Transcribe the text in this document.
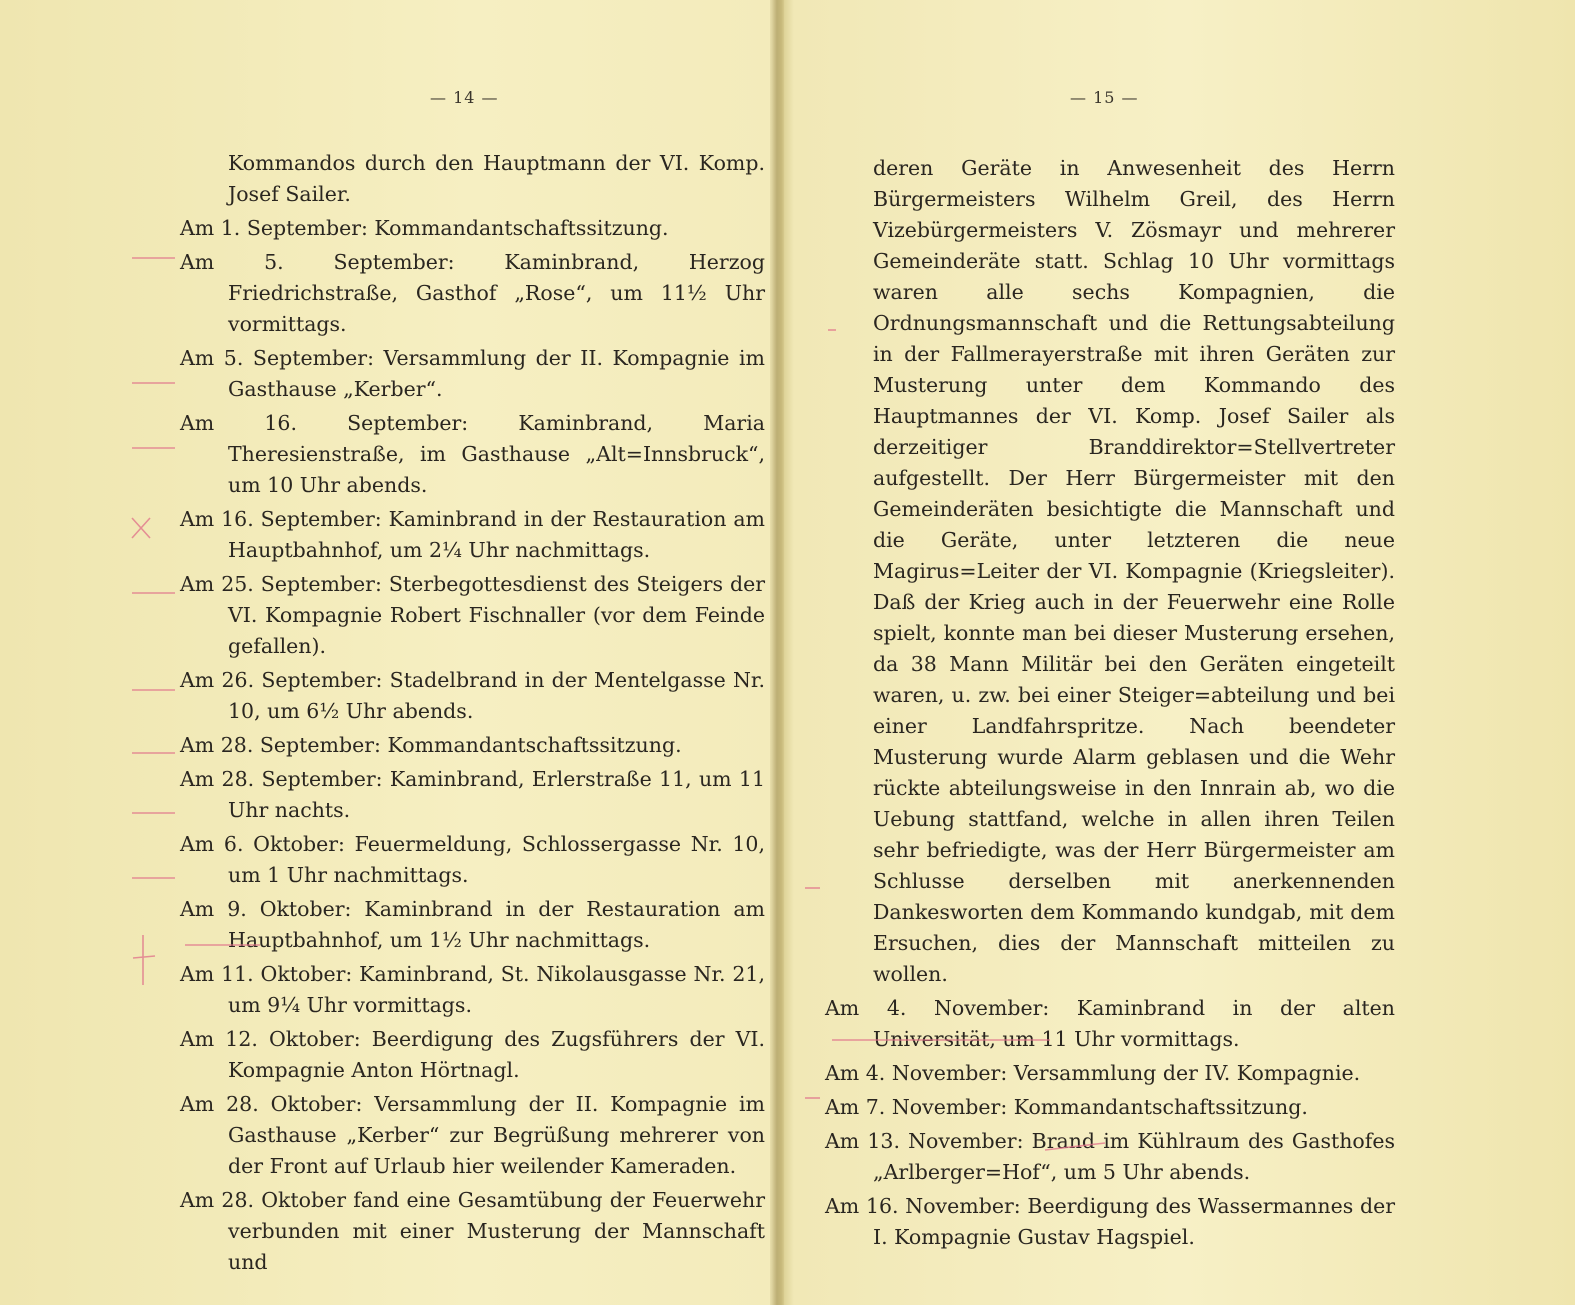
— 14 —

Kommandos durch den Hauptmann der VI. Komp. Josef Sailer.

Am 1. September: Kommandantschaftssitzung.

Am 5. September: Kaminbrand, Herzog Friedrichstraße, Gasthof „Rose“, um 11½ Uhr vormittags.

Am 5. September: Versammlung der II. Kompagnie im Gasthause „Kerber“.

Am 16. September: Kaminbrand, Maria Theresienstraße, im Gasthause „Alt=Innsbruck“, um 10 Uhr abends.

Am 16. September: Kaminbrand in der Restauration am Hauptbahnhof, um 2¼ Uhr nachmittags.

Am 25. September: Sterbegottesdienst des Steigers der VI. Kompagnie Robert Fischnaller (vor dem Feinde gefallen).

Am 26. September: Stadelbrand in der Mentelgasse Nr. 10, um 6½ Uhr abends.

Am 28. September: Kommandantschaftssitzung.

Am 28. September: Kaminbrand, Erlerstraße 11, um 11 Uhr nachts.

Am 6. Oktober: Feuermeldung, Schlossergasse Nr. 10, um 1 Uhr nachmittags.

Am 9. Oktober: Kaminbrand in der Restauration am Hauptbahnhof, um 1½ Uhr nachmittags.

Am 11. Oktober: Kaminbrand, St. Nikolausgasse Nr. 21, um 9¼ Uhr vormittags.

Am 12. Oktober: Beerdigung des Zugsführers der VI. Kompagnie Anton Hörtnagl.

Am 28. Oktober: Versammlung der II. Kompagnie im Gasthause „Kerber“ zur Begrüßung mehrerer von der Front auf Urlaub hier weilender Kameraden.

Am 28. Oktober fand eine Gesamtübung der Feuerwehr verbunden mit einer Musterung der Mannschaft und

— 15 —

deren Geräte in Anwesenheit des Herrn Bürgermeisters Wilhelm Greil, des Herrn Vizebürgermeisters V. Zösmayr und mehrerer Gemeinderäte statt. Schlag 10 Uhr vormittags waren alle sechs Kompagnien, die Ordnungsmannschaft und die Rettungsabteilung in der Fallmerayerstraße mit ihren Geräten zur Musterung unter dem Kommando des Hauptmannes der VI. Komp. Josef Sailer als derzeitiger Branddirektor=Stellvertreter aufgestellt. Der Herr Bürgermeister mit den Gemeinderäten besichtigte die Mannschaft und die Geräte, unter letzteren die neue Magirus=Leiter der VI. Kompagnie (Kriegsleiter). Daß der Krieg auch in der Feuerwehr eine Rolle spielt, konnte man bei dieser Musterung ersehen, da 38 Mann Militär bei den Geräten eingeteilt waren, u. zw. bei einer Steiger=abteilung und bei einer Landfahrspritze. Nach beendeter Musterung wurde Alarm geblasen und die Wehr rückte abteilungsweise in den Innrain ab, wo die Uebung stattfand, welche in allen ihren Teilen sehr befriedigte, was der Herr Bürgermeister am Schlusse derselben mit anerkennenden Dankesworten dem Kommando kundgab, mit dem Ersuchen, dies der Mannschaft mitteilen zu wollen.

Am 4. November: Kaminbrand in der alten Universität, um 11 Uhr vormittags.

Am 4. November: Versammlung der IV. Kompagnie.

Am 7. November: Kommandantschaftssitzung.

Am 13. November: Brand im Kühlraum des Gasthofes „Arlberger=Hof“, um 5 Uhr abends.

Am 16. November: Beerdigung des Wassermannes der I. Kompagnie Gustav Hagspiel.
